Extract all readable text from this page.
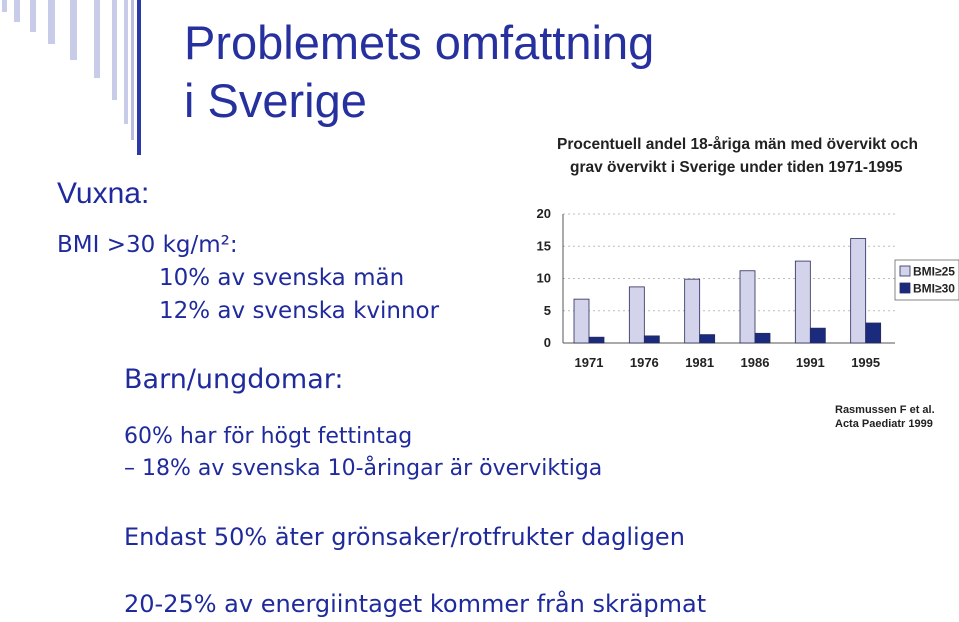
Problemets omfattning
i Sverige
Vuxna:
BMI >30 kg/m²:
10% av svenska män
12% av svenska kvinnor
Barn/ungdomar:
60% har för högt fettintag
– 18% av svenska 10-åringar är överviktiga
Endast 50% äter grönsaker/rotfrukter dagligen
20-25% av energiintaget kommer från skräpmat
Procentuell andel 18-åriga män med övervikt och
grav övervikt i Sverige under tiden 1971-1995
0
5
10
15
20
1971 1976 1981 1986 1991 1995
BMI≥25
BMI≥30
Rasmussen F et al.
Acta Paediatr 1999
